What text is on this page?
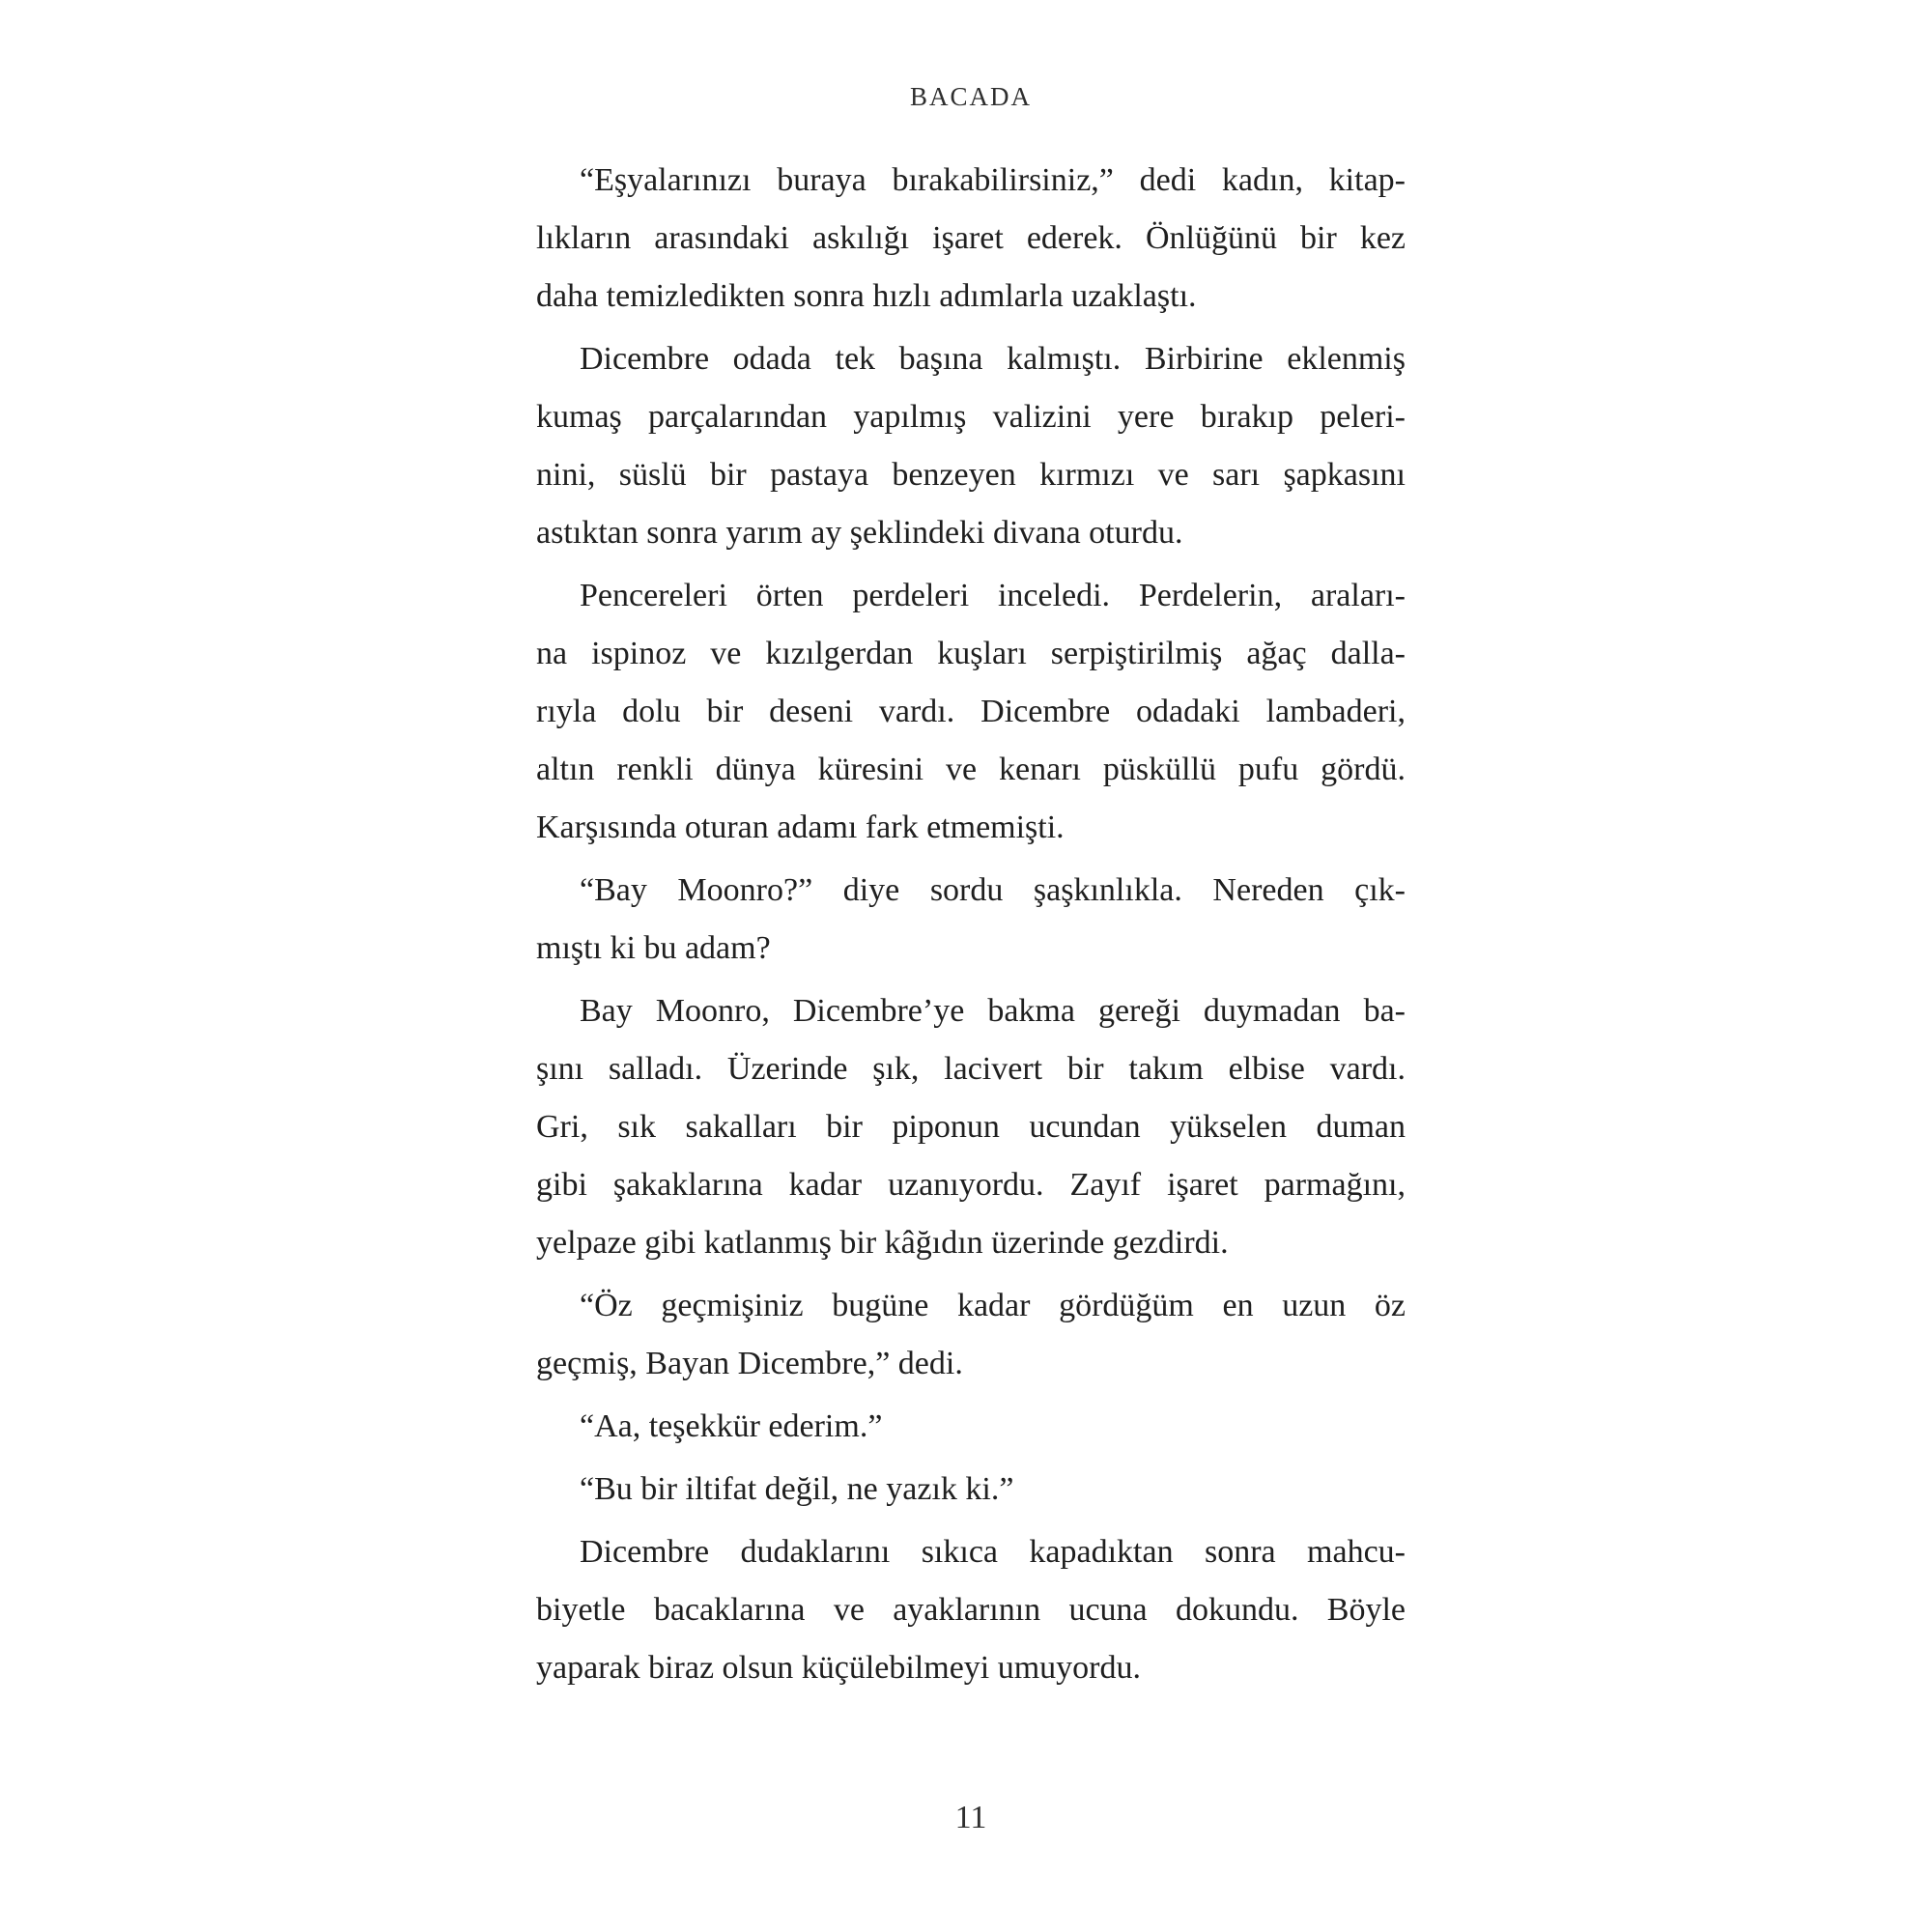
BACADA

“Eşyalarınızı buraya bırakabilirsiniz,” dedi kadın, kitap-
lıkların arasındaki askılığı işaret ederek. Önlüğünü bir kez
daha temizledikten sonra hızlı adımlarla uzaklaştı.

Dicembre odada tek başına kalmıştı. Birbirine eklenmiş
kumaş parçalarından yapılmış valizini yere bırakıp peleri-
nini, süslü bir pastaya benzeyen kırmızı ve sarı şapkasını
astıktan sonra yarım ay şeklindeki divana oturdu.

Pencereleri örten perdeleri inceledi. Perdelerin, araları-
na ispinoz ve kızılgerdan kuşları serpiştirilmiş ağaç dalla-
rıyla dolu bir deseni vardı. Dicembre odadaki lambaderi,
altın renkli dünya küresini ve kenarı püsküllü pufu gördü.
Karşısında oturan adamı fark etmemişti.

“Bay Moonro?” diye sordu şaşkınlıkla. Nereden çık-
mıştı ki bu adam?

Bay Moonro, Dicembre’ye bakma gereği duymadan ba-
şını salladı. Üzerinde şık, lacivert bir takım elbise vardı.
Gri, sık sakalları bir piponun ucundan yükselen duman
gibi şakaklarına kadar uzanıyordu. Zayıf işaret parmağını,
yelpaze gibi katlanmış bir kâğıdın üzerinde gezdirdi.

“Öz geçmişiniz bugüne kadar gördüğüm en uzun öz
geçmiş, Bayan Dicembre,” dedi.

“Aa, teşekkür ederim.”

“Bu bir iltifat değil, ne yazık ki.”

Dicembre dudaklarını sıkıca kapadıktan sonra mahcu-
biyetle bacaklarına ve ayaklarının ucuna dokundu. Böyle
yaparak biraz olsun küçülebilmeyi umuyordu.

11
